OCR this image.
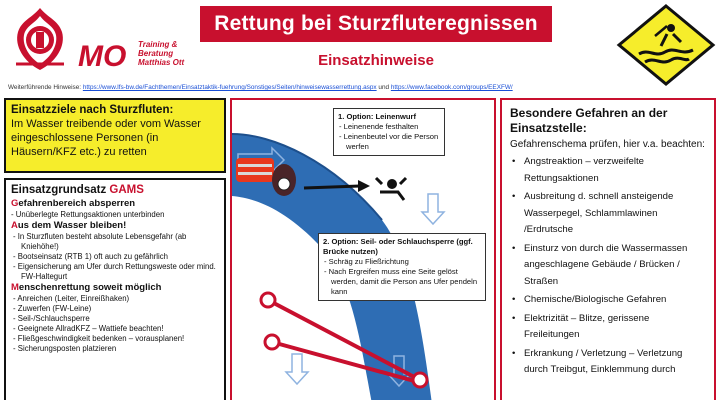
MO Training &
Beratung
Matthias Ott
Rettung bei Sturzfluteregnissen
Einsatzhinweise
Weiterführende Hinweise: https://www.lfs-bw.de/Fachthemen/Einsatztaktik-fuehrung/Sonstiges/Seiten/hinweisewasserrettung.aspx und https://www.facebook.com/groups/EEXFW/
Einsatzziele nach Sturzfluten:
Im Wasser treibende oder vom Wasser eingeschlossene Personen (in Häusern/KFZ etc.) zu retten
Einsatzgrundsatz GAMS
Gefahrenbereich absperren
- Unüberlegte Rettungsaktionen unterbinden
Aus dem Wasser bleiben!
- In Sturzfluten besteht absolute Lebensgefahr (ab Kniehöhe!)
- Bootseinsatz (RTB 1) oft auch zu gefährlich
- Eigensicherung am Ufer durch Rettungsweste oder mind. FW-Haltegurt
Menschenrettung soweit möglich
- Anreichen (Leiter, Einreißhaken)
- Zuwerfen (FW-Leine)
- Seil-/Schlauchsperre
- Geeignete AllradKFZ – Wattiefe beachten!
- Fließgeschwindigkeit bedenken – vorausplanen!
- Sicherungsposten platzieren
1. Option: Leinenwurf
- Leinenende festhalten
- Leinenbeutel vor die Person werfen
2. Option: Seil- oder Schlauchsperre (ggf. Brücke nutzen)
- Schräg zu Fließrichtung
- Nach Ergreifen muss eine Seite gelöst werden, damit die Person ans Ufer pendeln kann
Besondere Gefahren an der Einsatzstelle:
Gefahrenschema prüfen, hier v.a. beachten:
• Angstreaktion – verzweifelte Rettungsaktionen
• Ausbreitung d. schnell ansteigende Wasserpegel, Schlammlawinen /Erdrutsche
• Einsturz von durch die Wassermassen angeschlagene Gebäude / Brücken / Straßen
• Chemische/Biologische Gefahren
• Elektrizität – Blitze, gerissene Freileitungen
• Erkrankung / Verletzung – Verletzung durch Treibgut, Einklemmung durch
